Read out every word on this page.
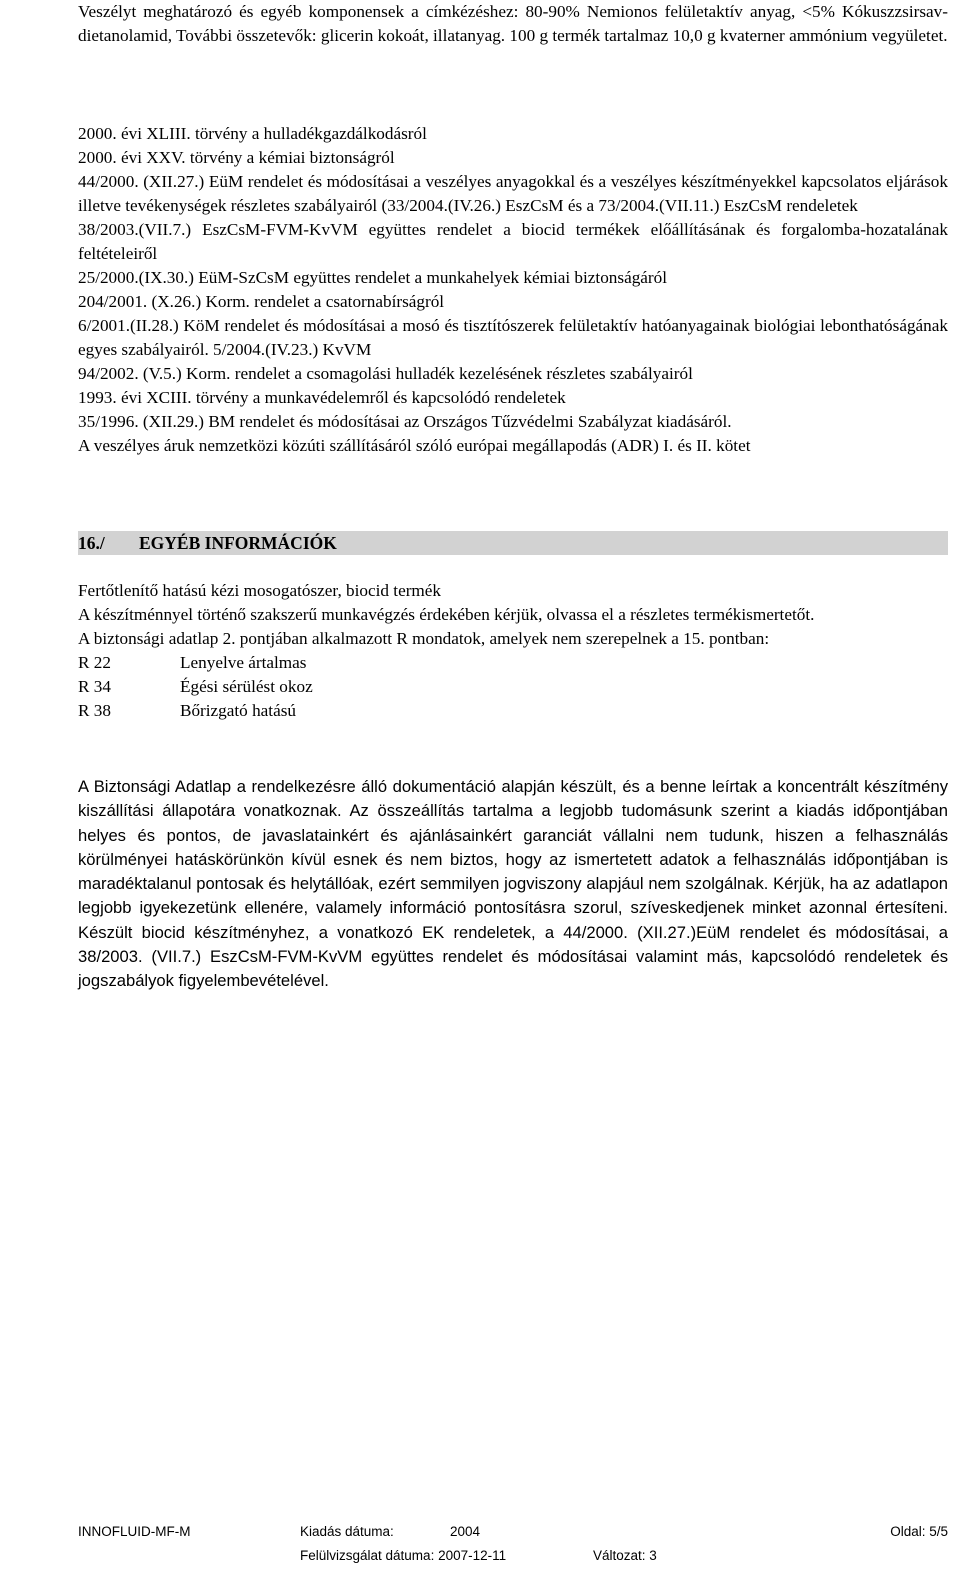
Veszélyt meghatározó és egyéb komponensek a címkézéshez: 80-90% Nemionos felületaktív anyag, <5% Kókuszzsirsav-dietanolamid, További összetevők: glicerin kokoát, illatanyag. 100 g termék tartalmaz 10,0 g kvaterner ammónium vegyületet.

2000. évi XLIII. törvény a hulladékgazdálkodásról

2000. évi XXV. törvény a kémiai biztonságról

44/2000. (XII.27.) EüM rendelet és módosításai a veszélyes anyagokkal és a veszélyes készítményekkel kapcsolatos eljárások illetve tevékenységek részletes szabályairól (33/2004.(IV.26.) EszCsM és a 73/2004.(VII.11.) EszCsM rendeletek

38/2003.(VII.7.) EszCsM-FVM-KvVM együttes rendelet a biocid termékek előállításának és forgalomba-hozatalának feltételeiről

25/2000.(IX.30.) EüM-SzCsM együttes rendelet a munkahelyek kémiai biztonságáról

204/2001. (X.26.) Korm. rendelet a csatornabírságról

6/2001.(II.28.) KöM rendelet és módosításai a mosó és tisztítószerek felületaktív hatóanyagainak biológiai lebonthatóságának egyes szabályairól. 5/2004.(IV.23.) KvVM

94/2002. (V.5.) Korm. rendelet a csomagolási hulladék kezelésének részletes szabályairól

1993. évi XCIII. törvény a munkavédelemről és kapcsolódó rendeletek

35/1996. (XII.29.) BM rendelet és módosításai az Országos Tűzvédelmi Szabályzat kiadásáról.

A veszélyes áruk nemzetközi közúti szállításáról szóló európai megállapodás (ADR) I. és II. kötet

16./ EGYÉB INFORMÁCIÓK

Fertőtlenítő hatású kézi mosogatószer, biocid termék

A készítménnyel történő szakszerű munkavégzés érdekében kérjük, olvassa el a részletes termékismertetőt.

A biztonsági adatlap 2. pontjában alkalmazott R mondatok, amelyek nem szerepelnek a 15. pontban:

R 22	Lenyelve ártalmas
R 34	Égési sérülést okoz
R 38	Bőrizgató hatású

A Biztonsági Adatlap a rendelkezésre álló dokumentáció alapján készült, és a benne leírtak a koncentrált készítmény kiszállítási állapotára vonatkoznak. Az összeállítás tartalma a legjobb tudomásunk szerint a kiadás időpontjában helyes és pontos, de javaslatainkért és ajánlásainkért garanciát vállalni nem tudunk, hiszen a felhasználás körülményei hatáskörünkön kívül esnek és nem biztos, hogy az ismertetett adatok a felhasználás időpontjában is maradéktalanul pontosak és helytállóak, ezért semmilyen jogviszony alapjául nem szolgálnak. Kérjük, ha az adatlapon legjobb igyekezetünk ellenére, valamely információ pontosításra szorul, szíveskedjenek minket azonnal értesíteni. Készült biocid készítményhez, a vonatkozó EK rendeletek, a 44/2000. (XII.27.)EüM rendelet és módosításai, a 38/2003. (VII.7.) EszCsM-FVM-KvVM együttes rendelet és módosításai valamint más, kapcsolódó rendeletek és jogszabályok figyelembevételével.

INNOFLUID-MF-M	Kiadás dátuma:	2004	Oldal: 5/5
Felülvizsgálat dátuma: 2007-12-11	Változat: 3
